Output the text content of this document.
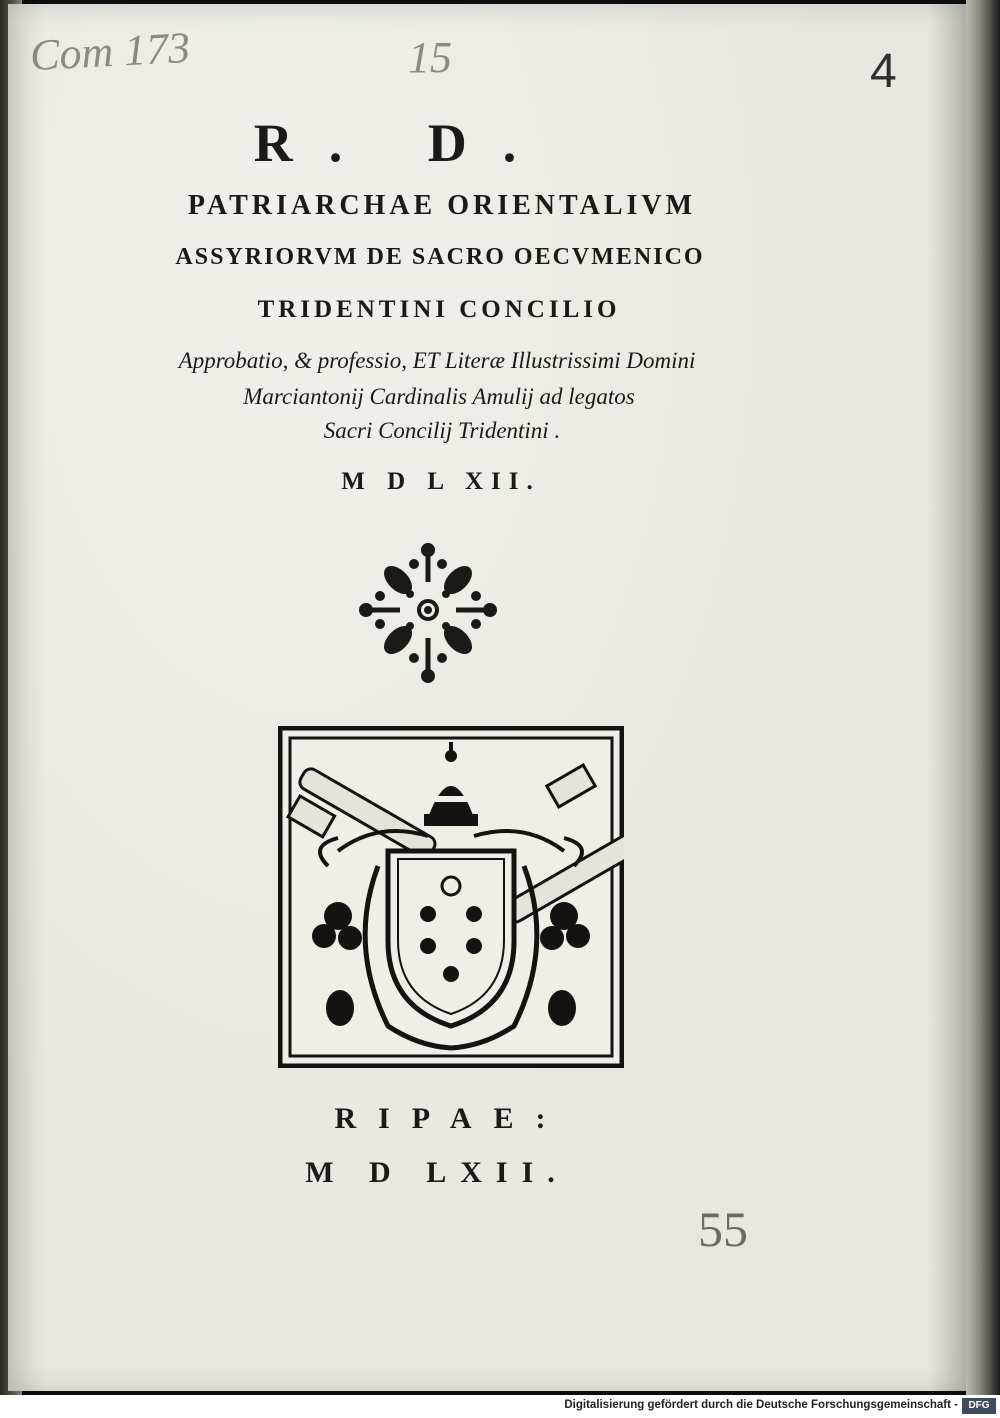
Com 173	15	4
55
R. D.
PATRIARCHAE ORIENTALIVM
ASSYRIORVM DE SACRO OECVMENICO
TRIDENTINI CONCILIO
Approbatio, & professio, ET Literæ Illustrissimi Domini
Marciantonij Cardinalis Amulij ad legatos
Sacri Concilij Tridentini .
M D L XII.
RIPAE:
M D LXII.
Digitalisierung gefördert durch die Deutsche Forschungsgemeinschaft -	DFG
